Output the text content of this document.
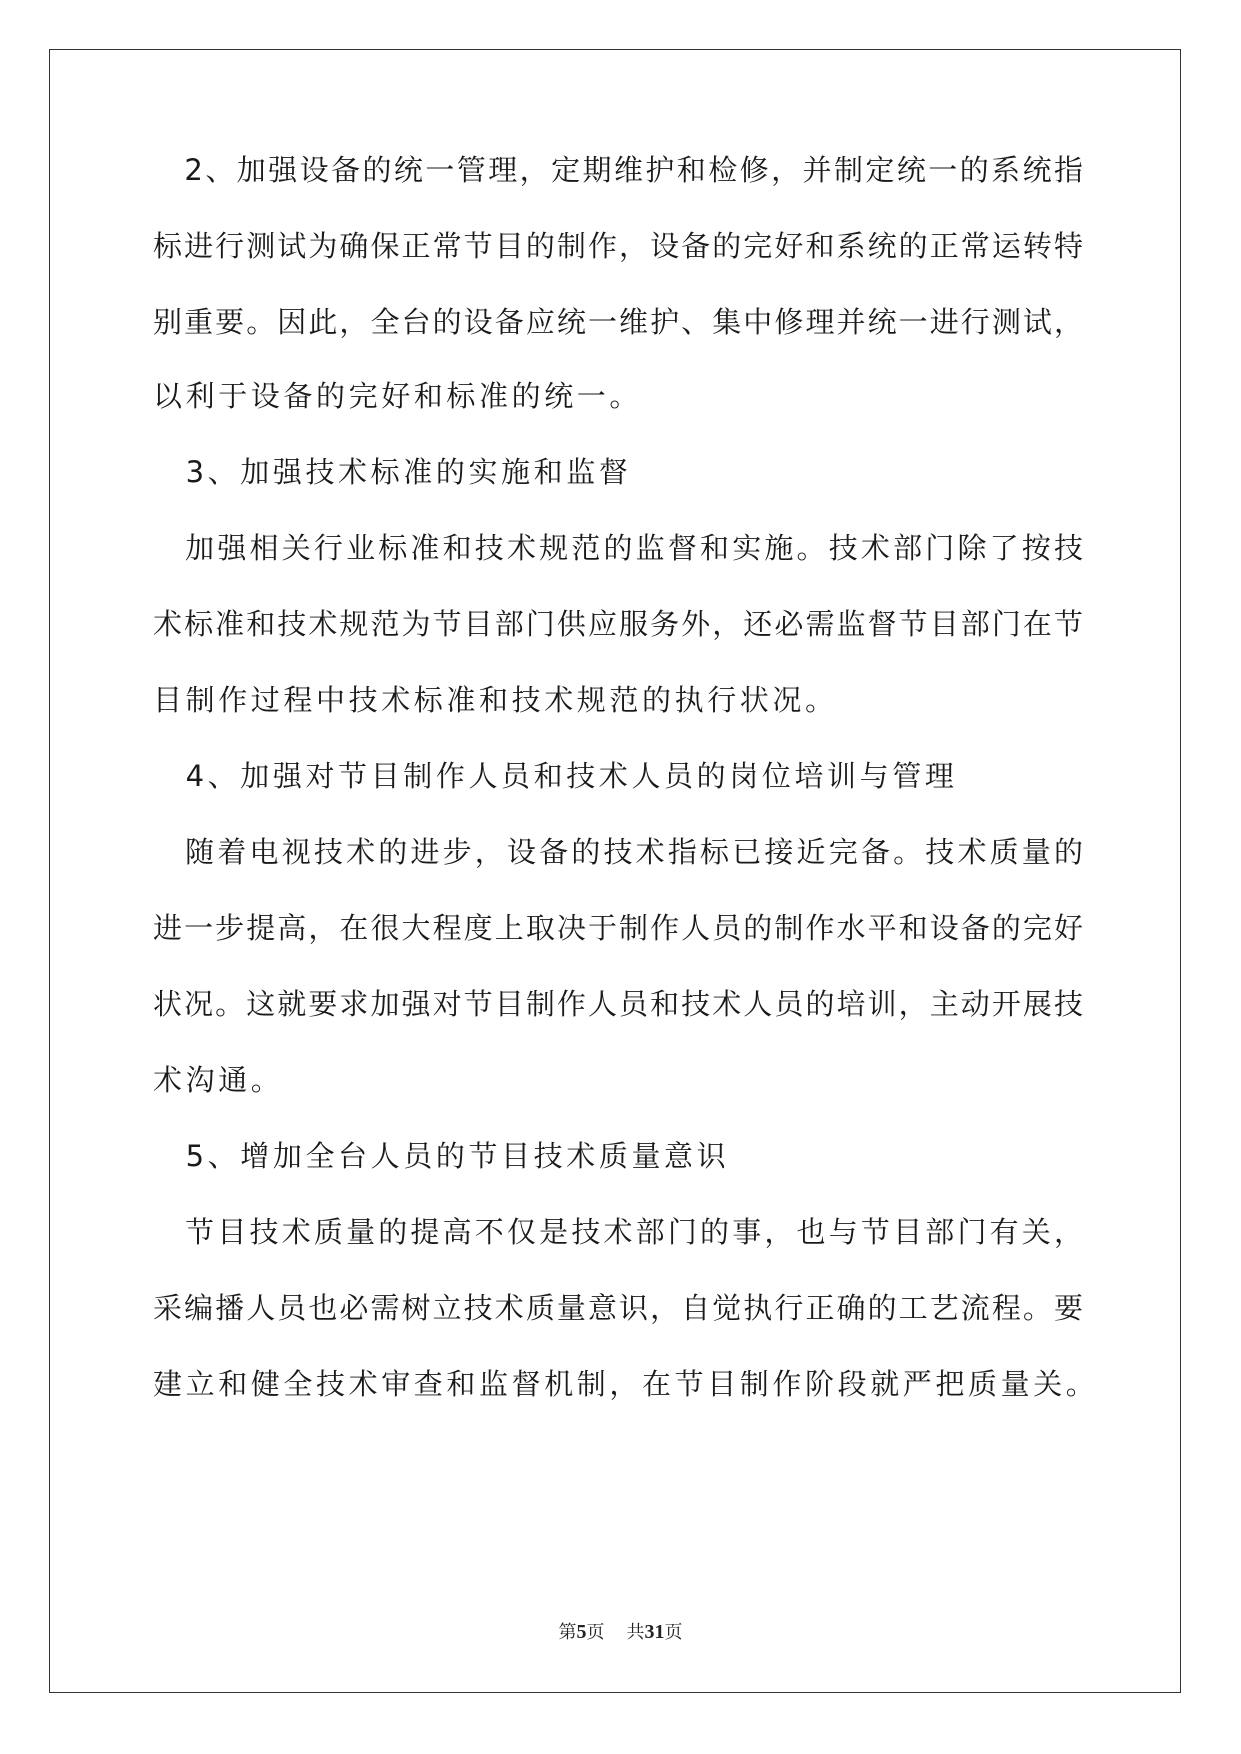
　2、加强设备的统一管理，定期维护和检修，并制定统一的系统指
标进行测试为确保正常节目的制作，设备的完好和系统的正常运转特
别重要。因此，全台的设备应统一维护、集中修理并统一进行测试，
以利于设备的完好和标准的统一。
　3、加强技术标准的实施和监督
　加强相关行业标准和技术规范的监督和实施。技术部门除了按技
术标准和技术规范为节目部门供应服务外，还必需监督节目部门在节
目制作过程中技术标准和技术规范的执行状况。
　4、加强对节目制作人员和技术人员的岗位培训与管理
　随着电视技术的进步，设备的技术指标已接近完备。技术质量的
进一步提高，在很大程度上取决于制作人员的制作水平和设备的完好
状况。这就要求加强对节目制作人员和技术人员的培训，主动开展技
术沟通。
　5、增加全台人员的节目技术质量意识
　节目技术质量的提高不仅是技术部门的事，也与节目部门有关，
采编播人员也必需树立技术质量意识，自觉执行正确的工艺流程。要
建立和健全技术审查和监督机制，在节目制作阶段就严把质量关。
第5页 共31页
